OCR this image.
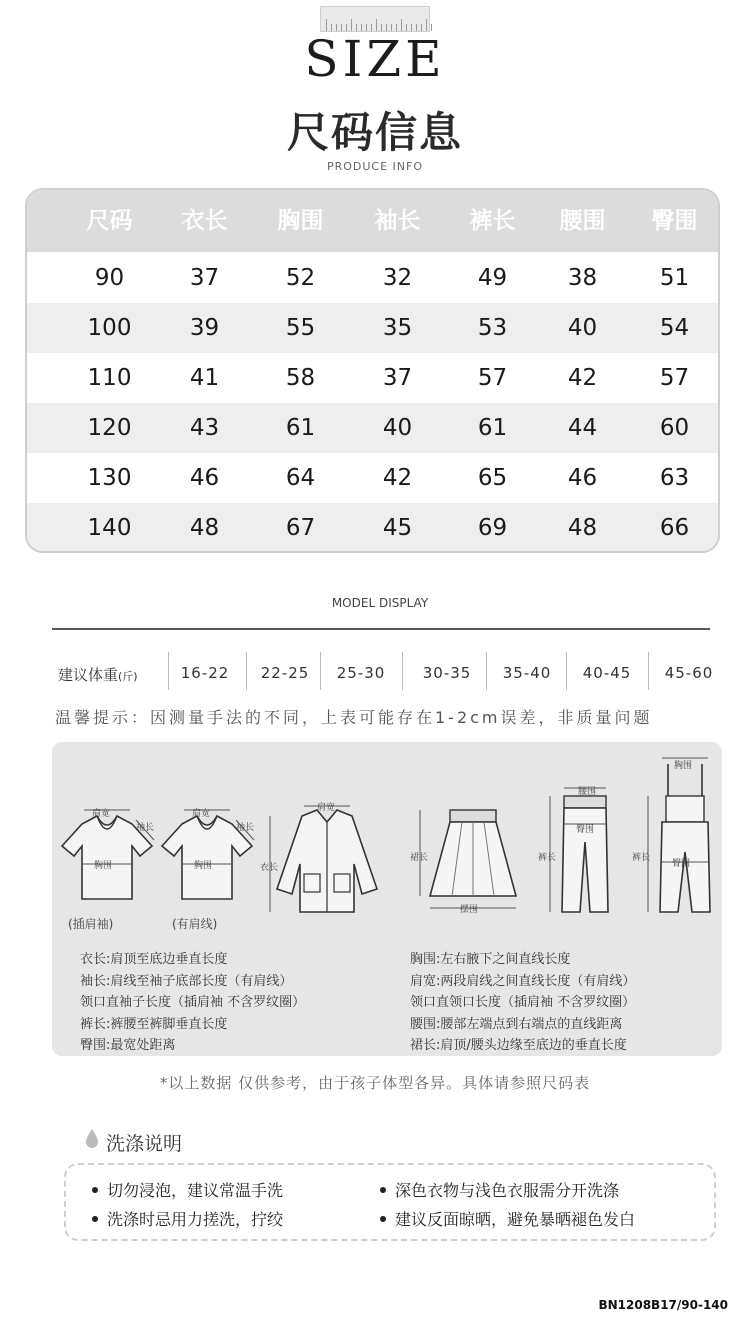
SIZE
尺码信息
PRODUCE INFO
尺码	衣长	胸围	袖长	裤长	腰围	臀围
90	37	52	32	49	38	51
100	39	55	35	53	40	54
110	41	58	37	57	42	57
120	43	61	40	61	44	60
130	46	64	42	65	46	63
140	48	67	45	69	48	66
MODEL DISPLAY
建议体重(斤)	16-22	22-25	25-30	30-35	35-40	40-45	45-60
温馨提示：因测量手法的不同，上表可能存在1-2cm误差，非质量问题
肩宽
袖长
胸围
(插肩袖)
肩宽
袖长
胸围
(有肩线)
肩宽
衣长
裙长
摆围
腰围
臀围
裤长
胸围
臀围
裤长
衣长:肩顶至底边垂直长度
袖长:肩线至袖子底部长度（有肩线）
领口直袖子长度（插肩袖 不含罗纹圈）
裤长:裤腰至裤脚垂直长度
臀围:最宽处距离
胸围:左右腋下之间直线长度
肩宽:两段肩线之间直线长度（有肩线）
领口直领口长度（插肩袖 不含罗纹圈）
腰围:腰部左端点到右端点的直线距离
裙长:肩顶/腰头边缘至底边的垂直长度
*以上数据 仅供参考，由于孩子体型各异。具体请参照尺码表
洗涤说明
切勿浸泡，建议常温手洗	深色衣物与浅色衣服需分开洗涤
洗涤时忌用力搓洗，拧绞	建议反面晾晒，避免暴晒褪色发白
BN1208B17/90-140
